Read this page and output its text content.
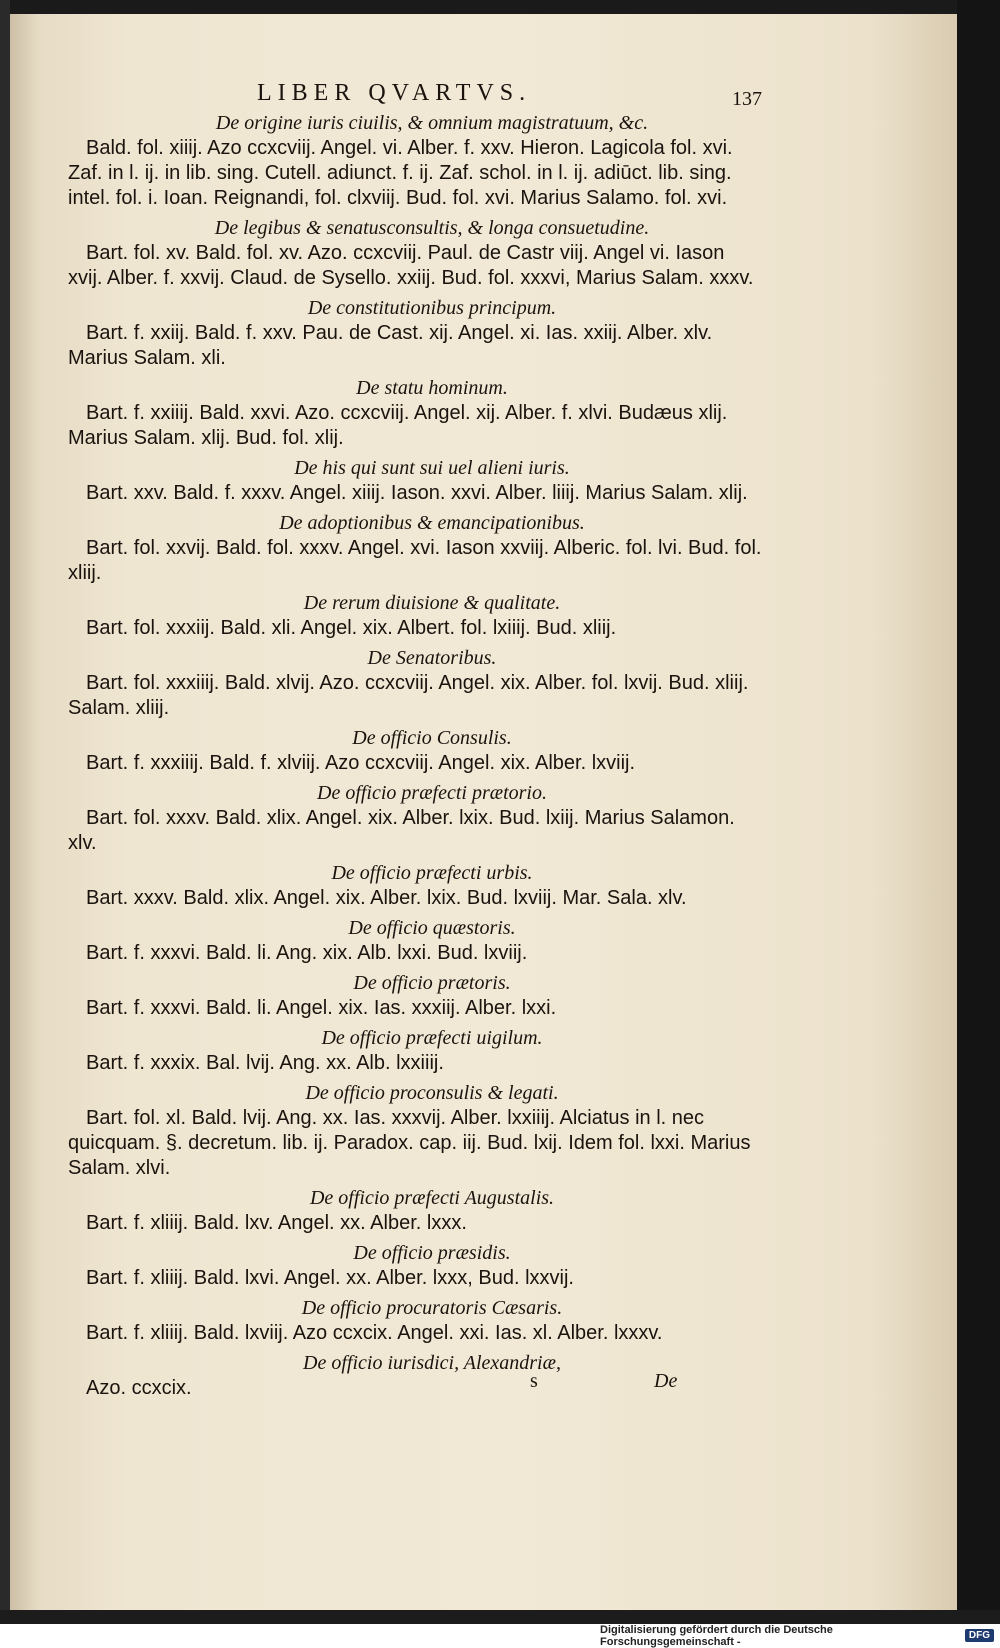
LIBER QVARTVS.	137

De origine iuris ciuilis, & omnium magistratuum, &c.

Bald. fol. xiiij. Azo ccxcviij. Angel. vi. Alber. f. xxv. Hieron. Lagicola fol. xvi. Zaf. in l. ij. in lib. sing. Cutell. adiunct. f. ij. Zaf. schol. in l. ij. adiūct. lib. sing. intel. fol. i. Ioan. Reignandi, fol. clxviij. Bud. fol. xvi. Marius Salamo. fol. xvi.

De legibus & senatusconsultis, & longa consuetudine.

Bart. fol. xv. Bald. fol. xv. Azo. ccxcviij. Paul. de Castr viij. Angel vi. Iason xvij. Alber. f. xxvij. Claud. de Sysello. xxiij. Bud. fol. xxxvi, Marius Salam. xxxv.

De constitutionibus principum.

Bart. f. xxiij. Bald. f. xxv. Pau. de Cast. xij. Angel. xi. Ias. xxiij. Alber. xlv. Marius Salam. xli.

De statu hominum.

Bart. f. xxiiij. Bald. xxvi. Azo. ccxcviij. Angel. xij. Alber. f. xlvi. Budæus xlij. Marius Salam. xlij. Bud. fol. xlij.

De his qui sunt sui uel alieni iuris.

Bart. xxv. Bald. f. xxxv. Angel. xiiij. Iason. xxvi. Alber. liiij. Marius Salam. xlij.

De adoptionibus & emancipationibus.

Bart. fol. xxvij. Bald. fol. xxxv. Angel. xvi. Iason xxviij. Alberic. fol. lvi. Bud. fol. xliij.

De rerum diuisione & qualitate.

Bart. fol. xxxiij. Bald. xli. Angel. xix. Albert. fol. lxiiij. Bud. xliij.

De Senatoribus.

Bart. fol. xxxiiij. Bald. xlvij. Azo. ccxcviij. Angel. xix. Alber. fol. lxvij. Bud. xliij. Salam. xliij.

De officio Consulis.

Bart. f. xxxiiij. Bald. f. xlviij. Azo ccxcviij. Angel. xix. Alber. lxviij.

De officio præfecti prætorio.

Bart. fol. xxxv. Bald. xlix. Angel. xix. Alber. lxix. Bud. lxiij. Marius Salamon. xlv.

De officio præfecti urbis.

Bart. xxxv. Bald. xlix. Angel. xix. Alber. lxix. Bud. lxviij. Mar. Sala. xlv.

De officio quæstoris.

Bart. f. xxxvi. Bald. li. Ang. xix. Alb. lxxi. Bud. lxviij.

De officio prætoris.

Bart. f. xxxvi. Bald. li. Angel. xix. Ias. xxxiij. Alber. lxxi.

De officio præfecti uigilum.

Bart. f. xxxix. Bal. lvij. Ang. xx. Alb. lxxiiij.

De officio proconsulis & legati.

Bart. fol. xl. Bald. lvij. Ang. xx. Ias. xxxvij. Alber. lxxiiij. Alciatus in l. nec quicquam. §. decretum. lib. ij. Paradox. cap. iij. Bud. lxij. Idem fol. lxxi. Marius Salam. xlvi.

De officio præfecti Augustalis.

Bart. f. xliiij. Bald. lxv. Angel. xx. Alber. lxxx.

De officio præsidis.

Bart. f. xliiij. Bald. lxvi. Angel. xx. Alber. lxxx, Bud. lxxvij.

De officio procuratoris Cæsaris.

Bart. f. xliiij. Bald. lxviij. Azo ccxcix. Angel. xxi. Ias. xl. Alber. lxxxv.

De officio iurisdici, Alexandriæ,

Azo. ccxcix.	s	De
Digitalisierung gefördert durch die Deutsche Forschungsgemeinschaft -	DFG
